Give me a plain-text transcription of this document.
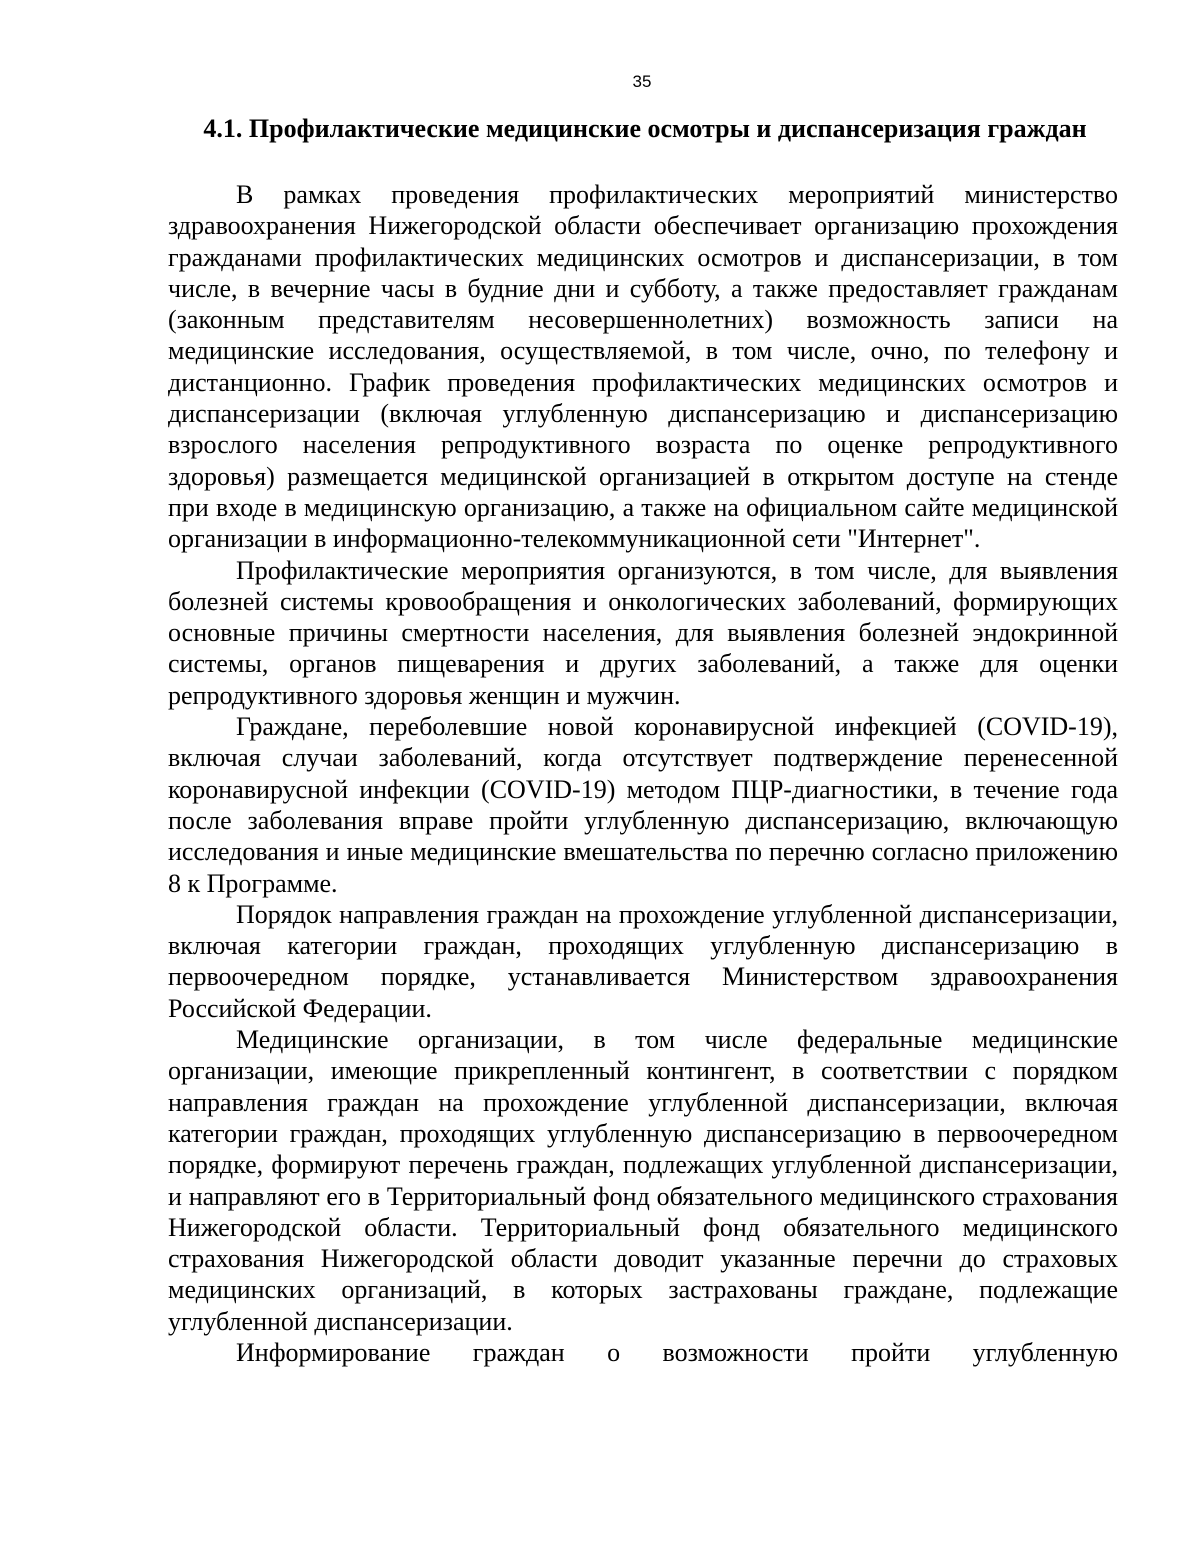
35
4.1. Профилактические медицинские осмотры и диспансеризация граждан

В рамках проведения профилактических мероприятий министерство здравоохранения Нижегородской области обеспечивает организацию прохождения гражданами профилактических медицинских осмотров и диспансеризации, в том числе, в вечерние часы в будние дни и субботу, а также предоставляет гражданам (законным представителям несовершеннолетних) возможность записи на медицинские исследования, осуществляемой, в том числе, очно, по телефону и дистанционно. График проведения профилактических медицинских осмотров и диспансеризации (включая углубленную диспансеризацию и диспансеризацию взрослого населения репродуктивного возраста по оценке репродуктивного здоровья) размещается медицинской организацией в открытом доступе на стенде при входе в медицинскую организацию, а также на официальном сайте медицинской организации в информационно-телекоммуникационной сети "Интернет".

Профилактические мероприятия организуются, в том числе, для выявления болезней системы кровообращения и онкологических заболеваний, формирующих основные причины смертности населения, для выявления болезней эндокринной системы, органов пищеварения и других заболеваний, а также для оценки репродуктивного здоровья женщин и мужчин.

Граждане, переболевшие новой коронавирусной инфекцией (COVID-19), включая случаи заболеваний, когда отсутствует подтверждение перенесенной коронавирусной инфекции (COVID-19) методом ПЦР-диагностики, в течение года после заболевания вправе пройти углубленную диспансеризацию, включающую исследования и иные медицинские вмешательства по перечню согласно приложению 8 к Программе.

Порядок направления граждан на прохождение углубленной диспансеризации, включая категории граждан, проходящих углубленную диспансеризацию в первоочередном порядке, устанавливается Министерством здравоохранения Российской Федерации.

Медицинские организации, в том числе федеральные медицинские организации, имеющие прикрепленный контингент, в соответствии с порядком направления граждан на прохождение углубленной диспансеризации, включая категории граждан, проходящих углубленную диспансеризацию в первоочередном порядке, формируют перечень граждан, подлежащих углубленной диспансеризации, и направляют его в Территориальный фонд обязательного медицинского страхования Нижегородской области. Территориальный фонд обязательного медицинского страхования Нижегородской области доводит указанные перечни до страховых медицинских организаций, в которых застрахованы граждане, подлежащие углубленной диспансеризации.

Информирование граждан о возможности пройти углубленную
